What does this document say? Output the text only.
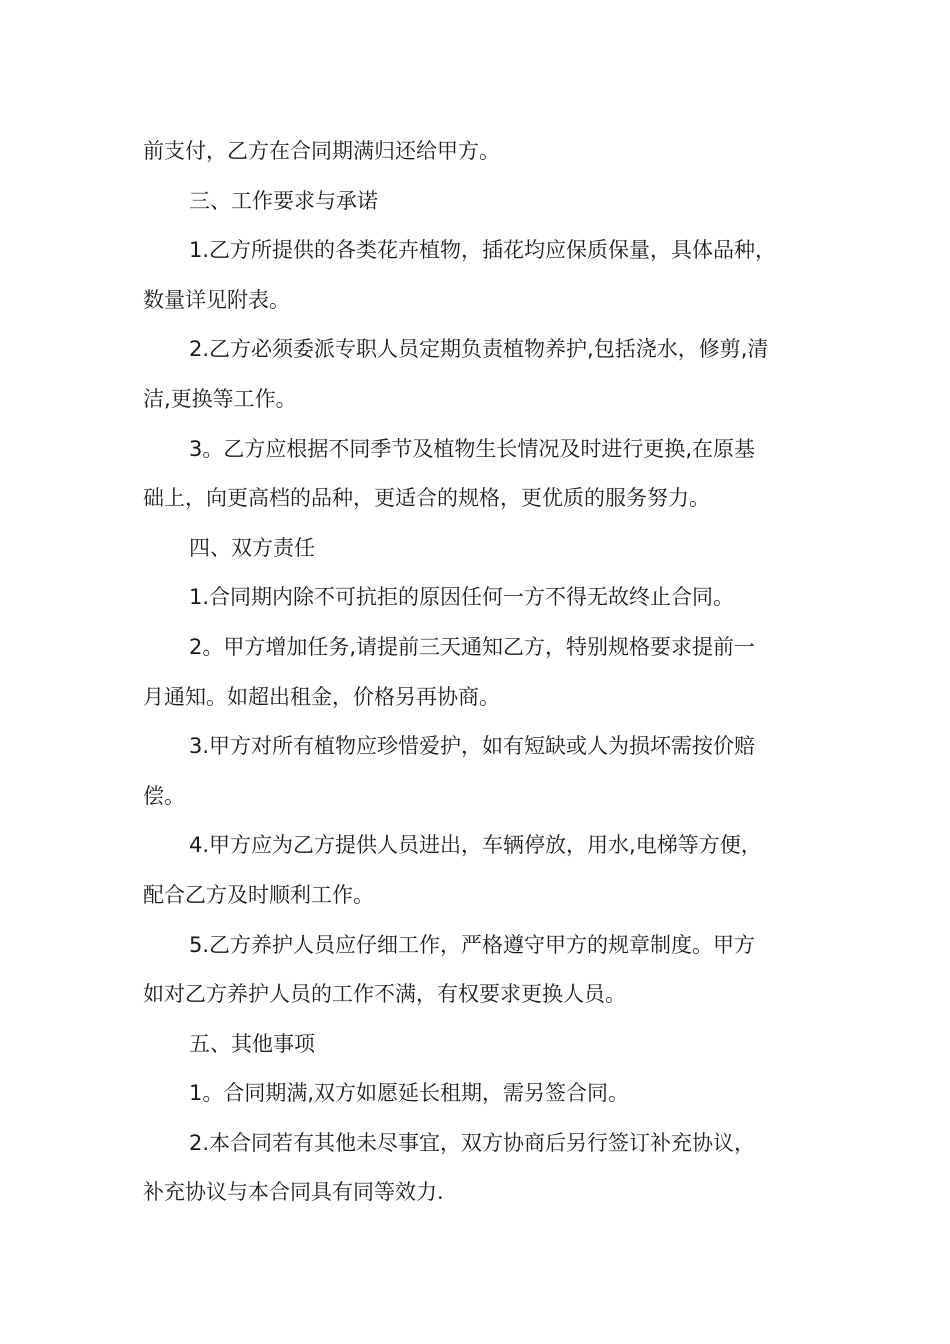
前支付，乙方在合同期满归还给甲方。

三、工作要求与承诺

1.乙方所提供的各类花卉植物，插花均应保质保量，具体品种，

数量详见附表。

2.乙方必须委派专职人员定期负责植物养护,包括浇水，修剪,清

洁,更换等工作。

3。乙方应根据不同季节及植物生长情况及时进行更换,在原基

础上，向更高档的品种，更适合的规格，更优质的服务努力。

四、双方责任

1.合同期内除不可抗拒的原因任何一方不得无故终止合同。

2。甲方增加任务,请提前三天通知乙方，特别规格要求提前一

月通知。如超出租金，价格另再协商。

3.甲方对所有植物应珍惜爱护，如有短缺或人为损坏需按价赔

偿。

4.甲方应为乙方提供人员进出，车辆停放，用水,电梯等方便，

配合乙方及时顺利工作。

5.乙方养护人员应仔细工作，严格遵守甲方的规章制度。甲方

如对乙方养护人员的工作不满，有权要求更换人员。

五、其他事项

1。合同期满,双方如愿延长租期，需另签合同。

2.本合同若有其他未尽事宜，双方协商后另行签订补充协议，

补充协议与本合同具有同等效力.
